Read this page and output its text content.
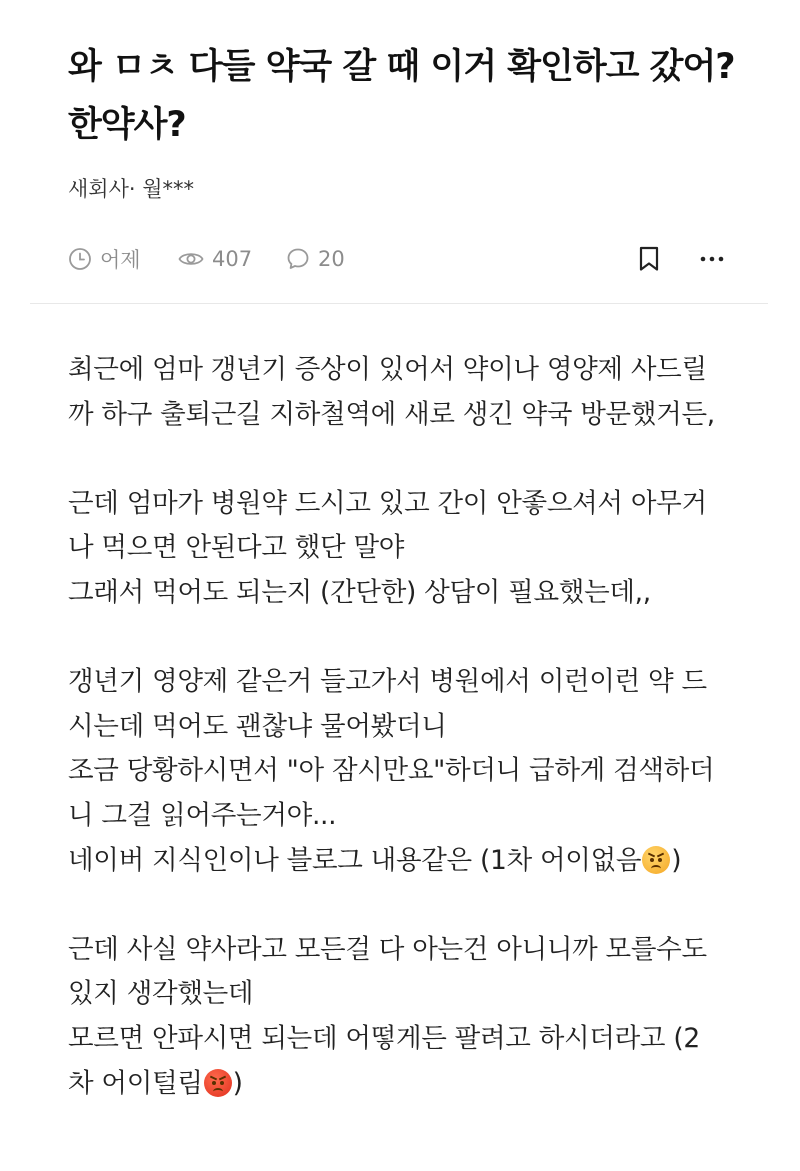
와 ㅁㅊ 다들 약국 갈 때 이거 확인하고 갔어? 한약사?
새회사· 월***
어제	407	20
최근에 엄마 갱년기 증상이 있어서 약이나 영양제 사드릴
까 하구 출퇴근길 지하철역에 새로 생긴 약국 방문했거든,
근데 엄마가 병원약 드시고 있고 간이 안좋으셔서 아무거
나 먹으면 안된다고 했단 말야
그래서 먹어도 되는지 (간단한) 상담이 필요했는데,,
갱년기 영양제 같은거 들고가서 병원에서 이런이런 약 드
시는데 먹어도 괜찮냐 물어봤더니
조금 당황하시면서 "아 잠시만요"하더니 급하게 검색하더
니 그걸 읽어주는거야...
네이버 지식인이나 블로그 내용같은 (1차 어이없음 )
근데 사실 약사라고 모든걸 다 아는건 아니니까 모를수도
있지 생각했는데
모르면 안파시면 되는데 어떻게든 팔려고 하시더라고 (2
차 어이털림 )
